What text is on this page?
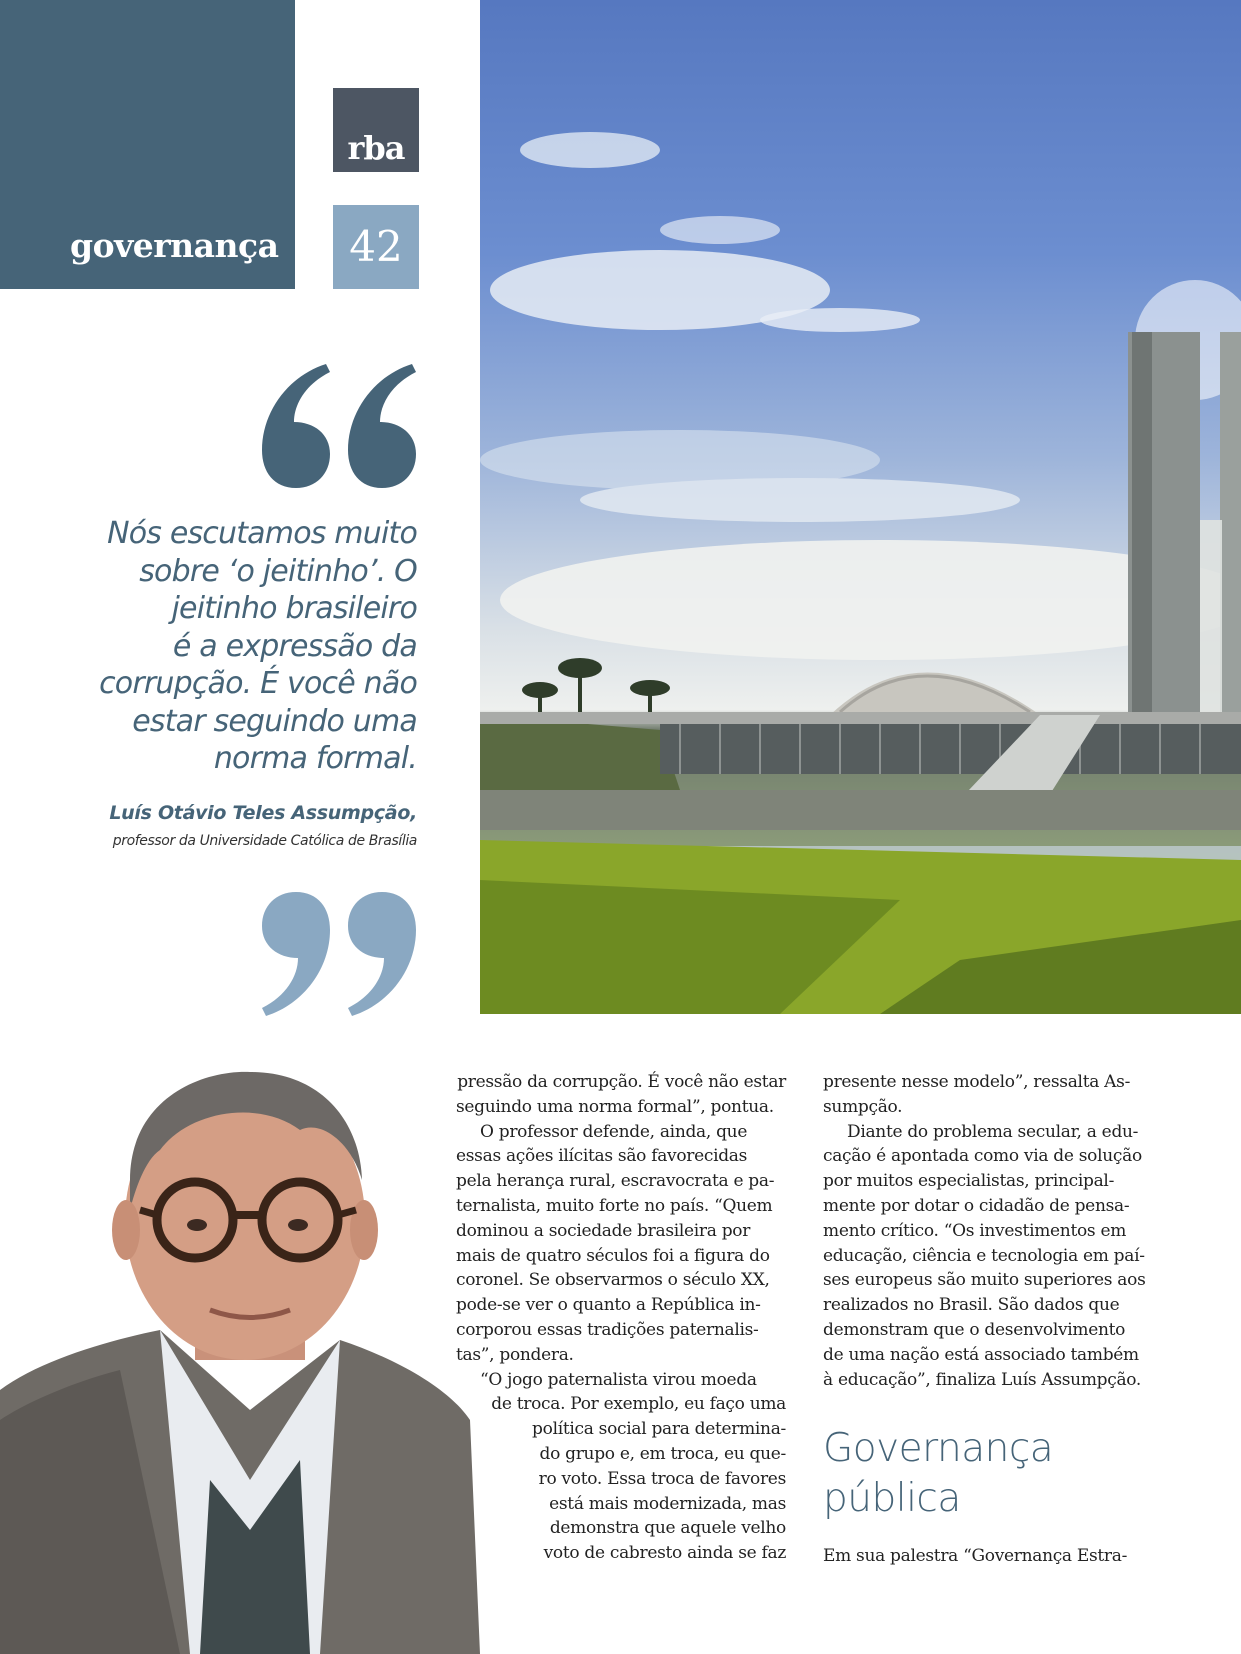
governança
rba
42
Nós escutamos muito
sobre ‘o jeitinho’. O
jeitinho brasileiro
é a expressão da
corrupção. É você não
estar seguindo uma
norma formal.
Luís Otávio Teles Assumpção,
professor da Universidade Católica de Brasília

pressão da corrupção. É você não estar

seguindo uma norma formal”, pontua.

O professor defende, ainda, que

essas ações ilícitas são favorecidas

pela herança rural, escravocrata e pa-

ternalista, muito forte no país. “Quem

dominou a sociedade brasileira por

mais de quatro séculos foi a figura do

coronel. Se observarmos o século XX,

pode-se ver o quanto a República in-

corporou essas tradições paternalis-

tas”, pondera.

“O jogo paternalista virou moeda

de troca. Por exemplo, eu faço uma

política social para determina-

do grupo e, em troca, eu que-

ro voto. Essa troca de favores

está mais modernizada, mas

demonstra que aquele velho

voto de cabresto ainda se faz

presente nesse modelo”, ressalta As-

sumpção.

Diante do problema secular, a edu-

cação é apontada como via de solução

por muitos especialistas, principal-

mente por dotar o cidadão de pensa-

mento crítico. “Os investimentos em

educação, ciência e tecnologia em paí-

ses europeus são muito superiores aos

realizados no Brasil. São dados que

demonstram que o desenvolvimento

de uma nação está associado também

à educação”, finaliza Luís Assumpção.

Governança
pública

Em sua palestra “Governança Estra-
